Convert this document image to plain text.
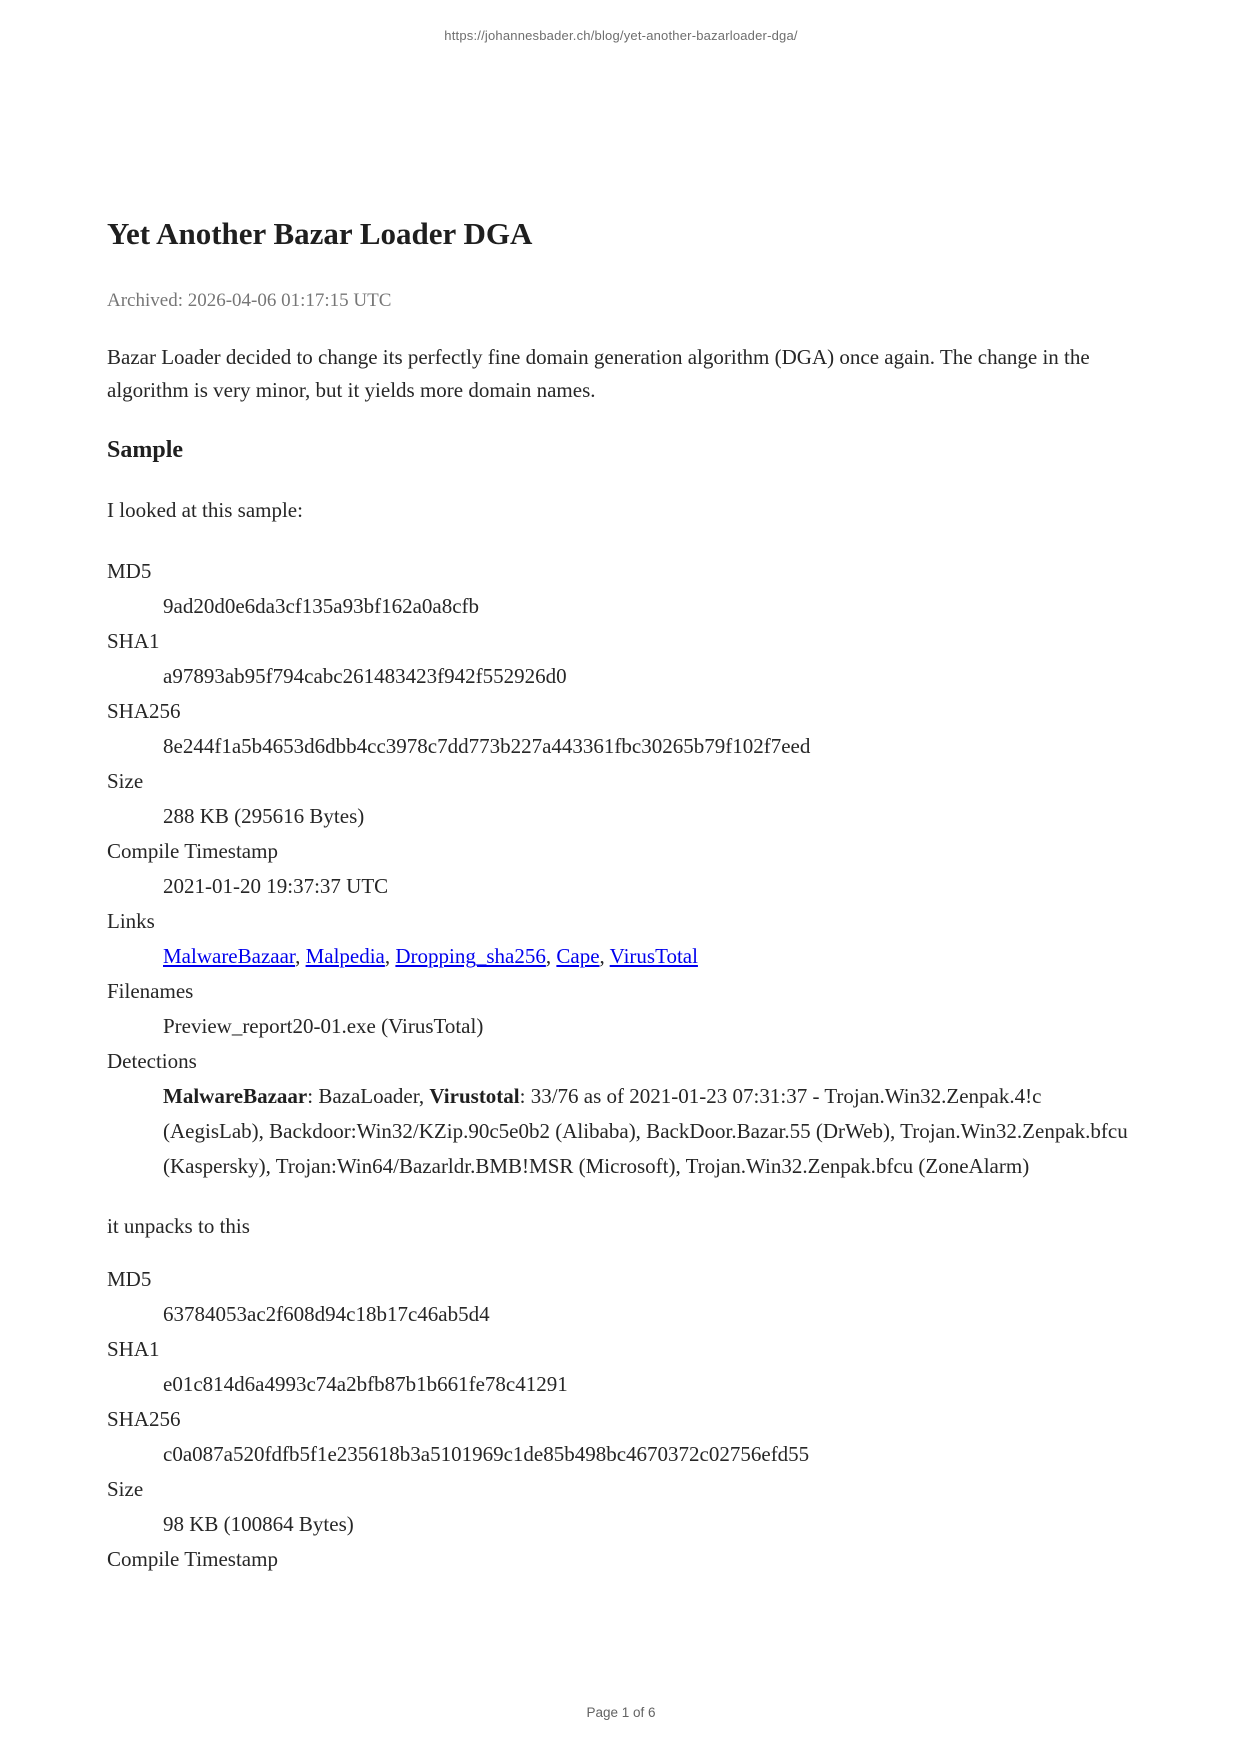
https://johannesbader.ch/blog/yet-another-bazarloader-dga/
Yet Another Bazar Loader DGA

Archived: 2026-04-06 01:17:15 UTC

Bazar Loader decided to change its perfectly fine domain generation algorithm (DGA) once again. The change in the algorithm is very minor, but it yields more domain names.

Sample

I looked at this sample:

MD5
9ad20d0e6da3cf135a93bf162a0a8cfb
SHA1
a97893ab95f794cabc261483423f942f552926d0
SHA256
8e244f1a5b4653d6dbb4cc3978c7dd773b227a443361fbc30265b79f102f7eed
Size
288 KB (295616 Bytes)
Compile Timestamp
2021-01-20 19:37:37 UTC
Links
MalwareBazaar, Malpedia, Dropping_sha256, Cape, VirusTotal
Filenames
Preview_report20-01.exe (VirusTotal)
Detections
MalwareBazaar: BazaLoader, Virustotal: 33/76 as of 2021-01-23 07:31:37 - Trojan.Win32.Zenpak.4!c (AegisLab), Backdoor:Win32/KZip.90c5e0b2 (Alibaba), BackDoor.Bazar.55 (DrWeb), Trojan.Win32.Zenpak.bfcu (Kaspersky), Trojan:Win64/Bazarldr.BMB!MSR (Microsoft), Trojan.Win32.Zenpak.bfcu (ZoneAlarm)

it unpacks to this

MD5
63784053ac2f608d94c18b17c46ab5d4
SHA1
e01c814d6a4993c74a2bfb87b1b661fe78c41291
SHA256
c0a087a520fdfb5f1e235618b3a5101969c1de85b498bc4670372c02756efd55
Size
98 KB (100864 Bytes)
Compile Timestamp
Page 1 of 6
